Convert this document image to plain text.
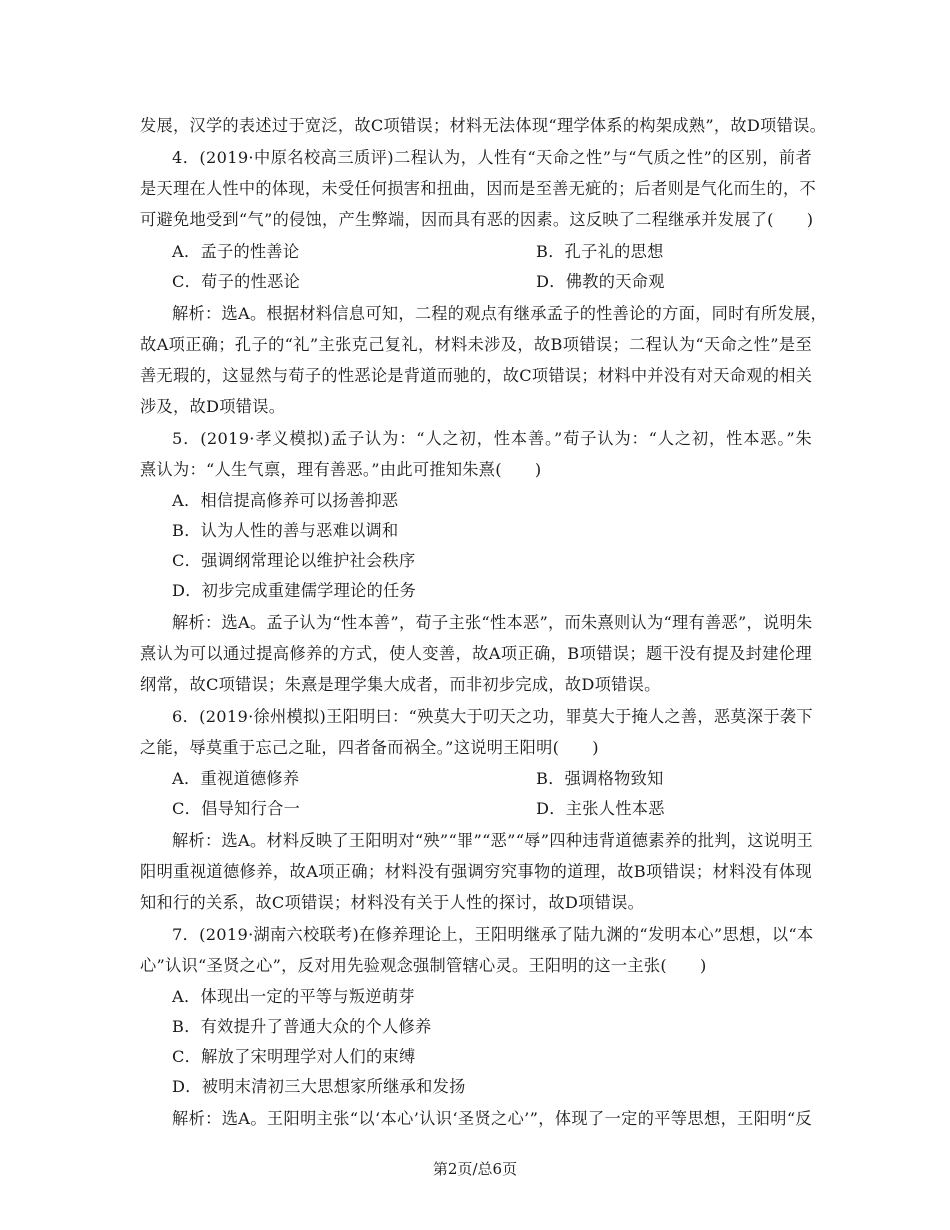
发展，汉学的表述过于宽泛，故C项错误；材料无法体现“理学体系的构架成熟”，故D项错误。
4．(2019·中原名校高三质评)二程认为，人性有“天命之性”与“气质之性”的区别，前者
是天理在人性中的体现，未受任何损害和扭曲，因而是至善无疵的；后者则是气化而生的，不
可避免地受到“气”的侵蚀，产生弊端，因而具有恶的因素。这反映了二程继承并发展了(　　)
A．孟子的性善论	B．孔子礼的思想
C．荀子的性恶论	D．佛教的天命观
解析：选A。根据材料信息可知，二程的观点有继承孟子的性善论的方面，同时有所发展，
故A项正确；孔子的“礼”主张克己复礼，材料未涉及，故B项错误；二程认为“天命之性”是至
善无瑕的，这显然与荀子的性恶论是背道而驰的，故C项错误；材料中并没有对天命观的相关
涉及，故D项错误。
5．(2019·孝义模拟)孟子认为：“人之初，性本善。”荀子认为：“人之初，性本恶。”朱
熹认为：“人生气禀，理有善恶。”由此可推知朱熹(　　)
A．相信提高修养可以扬善抑恶
B．认为人性的善与恶难以调和
C．强调纲常理论以维护社会秩序
D．初步完成重建儒学理论的任务
解析：选A。孟子认为“性本善”，荀子主张“性本恶”，而朱熹则认为“理有善恶”，说明朱
熹认为可以通过提高修养的方式，使人变善，故A项正确，B项错误；题干没有提及封建伦理
纲常，故C项错误；朱熹是理学集大成者，而非初步完成，故D项错误。
6．(2019·徐州模拟)王阳明曰：“殃莫大于叨天之功，罪莫大于掩人之善，恶莫深于袭下
之能，辱莫重于忘己之耻，四者备而祸全。”这说明王阳明(　　)
A．重视道德修养	B．强调格物致知
C．倡导知行合一	D．主张人性本恶
解析：选A。材料反映了王阳明对“殃”“罪”“恶”“辱”四种违背道德素养的批判，这说明王
阳明重视道德修养，故A项正确；材料没有强调穷究事物的道理，故B项错误；材料没有体现
知和行的关系，故C项错误；材料没有关于人性的探讨，故D项错误。
7．(2019·湖南六校联考)在修养理论上，王阳明继承了陆九渊的“发明本心”思想，以“本
心”认识“圣贤之心”，反对用先验观念强制管辖心灵。王阳明的这一主张(　　)
A．体现出一定的平等与叛逆萌芽
B．有效提升了普通大众的个人修养
C．解放了宋明理学对人们的束缚
D．被明末清初三大思想家所继承和发扬
解析：选A。王阳明主张“以‘本心’认识‘圣贤之心’”，体现了一定的平等思想，王阳明“反
第2页/总6页
